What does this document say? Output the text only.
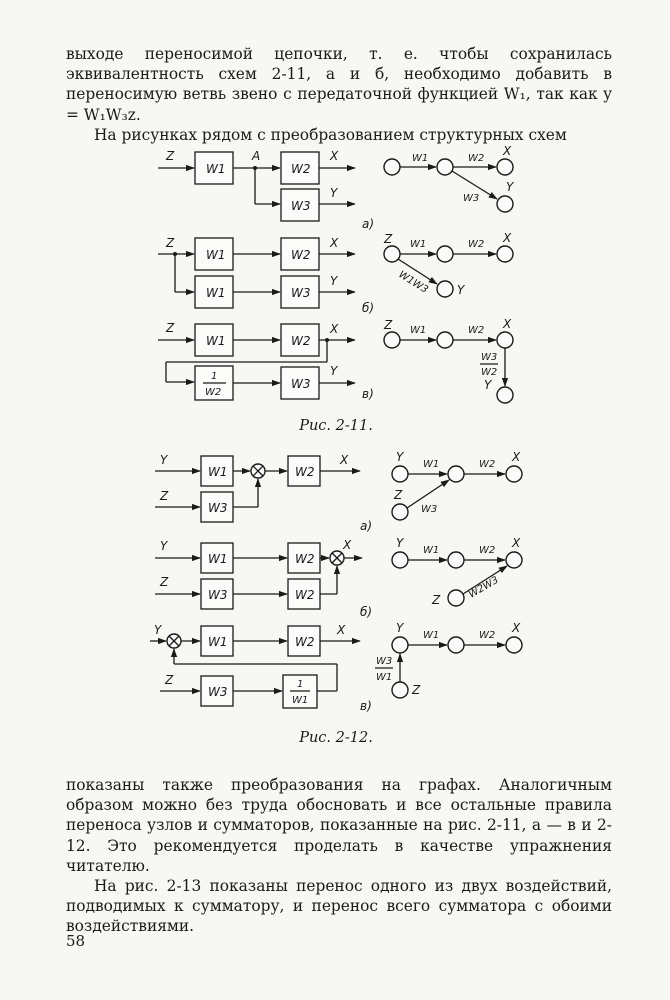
выходе переносимой цепочки, т. е. чтобы сохранилась эквивалентность схем 2-11, a и б, необходимо добавить в переносимую ветвь звено с передаточной функцией W₁, так как y = W₁W₃z.

На рисунках рядом с преобразованием структурных схем

Z
W1
A
W2
X
W3
Y
W1	W2
W3
X
Y
а)
Z
W1	W2
X
W1	W3
Y
Z W1	W2
W1W3
X
Y
б)
Z
W1	W2
X
1
W2
W3
Y
Z W1	W2 X
W3
W2
Y
в)
Y
W1	W2
X
Z
W3
Y
W1	W2
X
Z
W3
а)
Y
W1	W2
X
Z
W3	W2
Y
W1	W2
X
Z	W2W3
б)
Y
W1	W2
X
Z
W3
1
W1
Y
W1	W2
X
W3
W1
Z
в)
Рис. 2-11.
Рис. 2-12.

показаны также преобразования на графах. Аналогичным образом можно без труда обосновать и все остальные правила переноса узлов и сумматоров, показанные на рис. 2-11, a — в и 2-12. Это рекомендуется проделать в качестве упражнения читателю.

На рис. 2-13 показаны перенос одного из двух воздействий, подводимых к сумматору, и перенос всего сумматора с обоими воздействиями.

58
